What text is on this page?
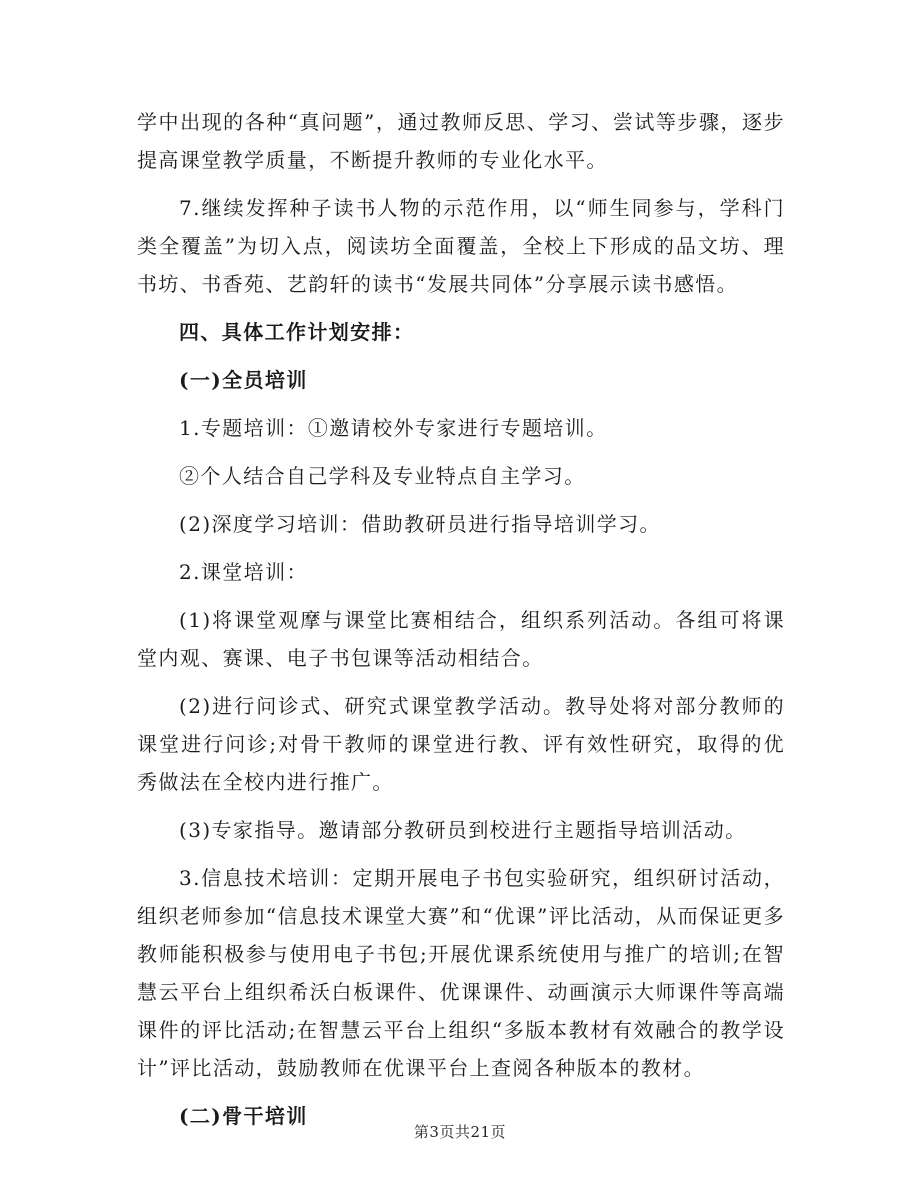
学中出现的各种“真问题”，通过教师反思、学习、尝试等步骤，逐步提高课堂教学质量，不断提升教师的专业化水平。

7.继续发挥种子读书人物的示范作用，以“师生同参与，学科门类全覆盖”为切入点，阅读坊全面覆盖，全校上下形成的品文坊、理书坊、书香苑、艺韵轩的读书“发展共同体”分享展示读书感悟。

四、具体工作计划安排：

(一)全员培训

1.专题培训：①邀请校外专家进行专题培训。

②个人结合自己学科及专业特点自主学习。

(2)深度学习培训：借助教研员进行指导培训学习。

2.课堂培训：

(1)将课堂观摩与课堂比赛相结合，组织系列活动。各组可将课堂内观、赛课、电子书包课等活动相结合。

(2)进行问诊式、研究式课堂教学活动。教导处将对部分教师的课堂进行问诊;对骨干教师的课堂进行教、评有效性研究，取得的优秀做法在全校内进行推广。

(3)专家指导。邀请部分教研员到校进行主题指导培训活动。

3.信息技术培训：定期开展电子书包实验研究，组织研讨活动，组织老师参加“信息技术课堂大赛”和“优课”评比活动，从而保证更多教师能积极参与使用电子书包;开展优课系统使用与推广的培训;在智慧云平台上组织希沃白板课件、优课课件、动画演示大师课件等高端课件的评比活动;在智慧云平台上组织“多版本教材有效融合的教学设计”评比活动，鼓励教师在优课平台上查阅各种版本的教材。

(二)骨干培训

第3页共21页
